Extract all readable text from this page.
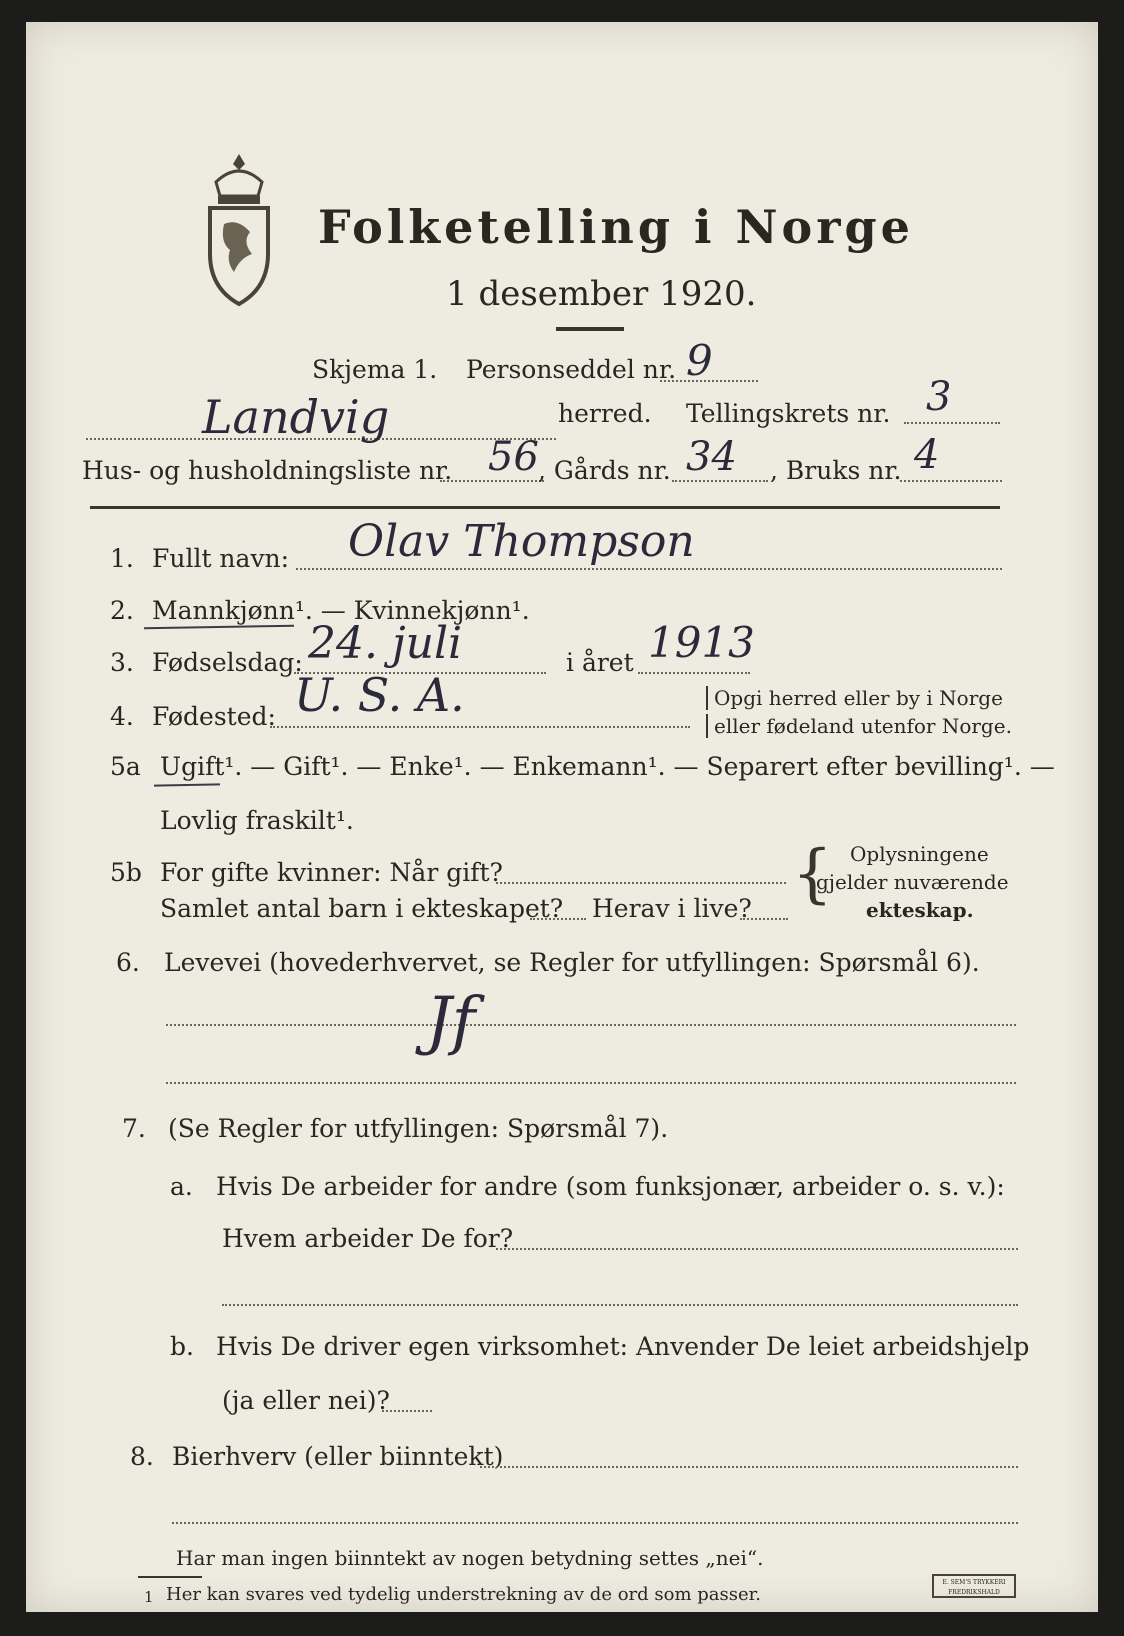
Folketelling i Norge
1 desember 1920.
Skjema 1. Personseddel nr. 9
Landvig	herred. Tellingskrets nr. 3
Hus- og husholdningsliste nr. 56 , Gårds nr. 34 , Bruks nr. 4
1. Fullt navn: Olav Thompson
2. Mannkjønn¹. — Kvinnekjønn¹.
3. Fødselsdag: 24. juli	i året 1913
4. Fødested: U. S. A.	Opgi herred eller by i Norge
eller fødeland utenfor Norge.
5a Ugift¹. — Gift¹. — Enke¹. — Enkemann¹. — Separert efter bevilling¹. —
Lovlig fraskilt¹.
5b For gifte kvinner: Når gift?
Samlet antal barn i ekteskapet? Herav i live? { Oplysningene
gjelder nuværende
ekteskap.
6. Levevei (hovederhvervet, se Regler for utfyllingen: Spørsmål 6).
Jf
7. (Se Regler for utfyllingen: Spørsmål 7).
a. Hvis De arbeider for andre (som funksjonær, arbeider o. s. v.):
Hvem arbeider De for?
b. Hvis De driver egen virksomhet: Anvender De leiet arbeidshjelp
(ja eller nei)?
8. Bierhverv (eller biinntekt)
Har man ingen biinntekt av nogen betydning settes „nei“.
1 Her kan svares ved tydelig understrekning av de ord som passer.
E. SEM'S TRYKKERI FREDRIKSHALD
